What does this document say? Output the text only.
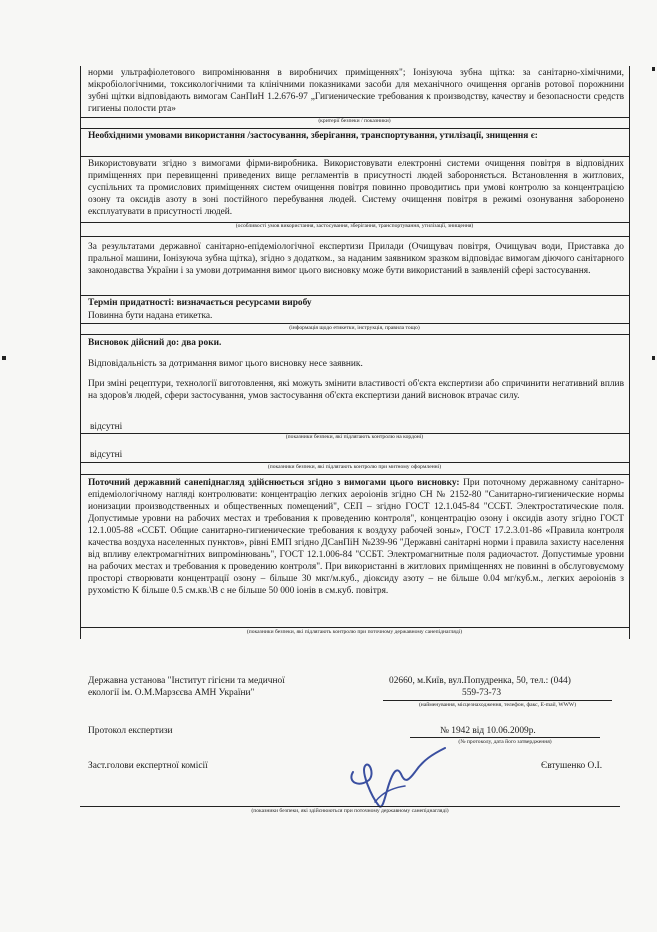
норми ультрафіолетового випромінювання в виробничих приміщеннях"; Іонізуюча зубна щітка: за санітарно-хімічними, мікробіологічними, токсикологічними та клінічними показниками засоби для механічного очищення органів ротової порожнини зубні щітки відповідають вимогам СанПиН 1.2.676-97 „Гигиенические требования к производству, качеству и безопасности средств гигиены полости рта»

(критерії безпеки / показники)

Необхідними умовами використання /застосування, зберігання, транспортування, утилізації, знищення є:

Використовувати згідно з вимогами фірми-виробника. Використовувати електронні системи очищення повітря в відповідних приміщеннях при перевищенні приведених вище регламентів в присутності людей забороняється. Встановлення в житлових, суспільних та промислових приміщеннях систем очищення повітря повинно проводитись при умові контролю за концентрацією озону та оксидів азоту в зоні постійного перебування людей. Систему очищення повітря в режимі озонування заборонено експлуатувати в присутності людей.

(особливості умов використання, застосування, зберігання, транспортування, утилізації, знищення)

За результатами державної санітарно-епідеміологічної експертизи Прилади (Очищувач повітря, Очищувач води, Приставка до пральної машини, Іонізуюча зубна щітка), згідно з додатком., за наданим заявником зразком відповідає вимогам діючого санітарного законодавства України і за умови дотримання вимог цього висновку може бути використаний в заявленій сфері застосування.

Термін придатності: визначається ресурсами виробу

Повинна бути надана етикетка.

(інформація щодо етикетки, інструкція, правила тощо)

Висновок дійсний до: два роки.

Відповідальність за дотримання вимог цього висновку несе заявник.

При зміні рецептури, технології виготовлення, які можуть змінити властивості об'єкта експертизи або спричинити негативний вплив на здоров'я людей, сфери застосування, умов застосування об'єкта експертизи даний висновок втрачає силу.

відсутні
(показники безпеки, які підлягають контролю на кордоні)
відсутні
(показники безпеки, які підлягають контролю при митному оформленні)

Поточний державний санепіднагляд здійснюється згідно з вимогами цього висновку: При поточному державному санітарно-епідеміологічному нагляді контролювати: концентрацію легких аероіонів згідно СН № 2152-80 "Санитарно-гигиенические нормы ионизации производственных и общественных помещений", СЕП – згідно ГОСТ 12.1.045-84 "ССБТ. Электростатические поля. Допустимые уровни на рабочих местах и требования к проведению контроля", концентрацію озону і оксидів азоту згідно ГОСТ 12.1.005-88 «ССБТ. Общие санитарно-гигиенические требования к воздуху рабочей зоны», ГОСТ 17.2.3.01-86 «Правила контроля качества воздуха населенных пунктов», рівні ЕМП згідно ДСанПіН №239-96 "Державні санітарні норми і правила захисту населення від впливу електромагнітних випромінювань", ГОСТ 12.1.006-84 "ССБТ. Электромагнитные поля радиочастот. Допустимые уровни на рабочих местах и требования к проведению контроля". При використанні в житлових приміщеннях не повинні в обслуговуємому просторі створювати концентрації озону – більше 30 мкг/м.куб., діоксиду азоту – не більше 0.04 мг/куб.м., легких аероіонів з рухомістю K більше 0.5 см.кв.\B с не більше 50 000 іонів в см.куб. повітря.

(показники безпеки, які підлягають контролю при поточному державному санепіднагляді)
Державна установа "Інститут гігієни та медичної
екології ім. О.М.Марзєєва АМН України"
02660, м.Київ, вул.Попудренка, 50, тел.: (044)
559-73-73
(найменування, місцезнаходження, телефон, факс, E-mail, WWW)
Протокол експертизи	№ 1942 від 10.06.2009р.
(№ протоколу, дата його затвердження)
Заст.голови експертної комісії	Євтушенко О.І.
(показники безпеки, які здійснюються при поточному державному санепіднагляді)
